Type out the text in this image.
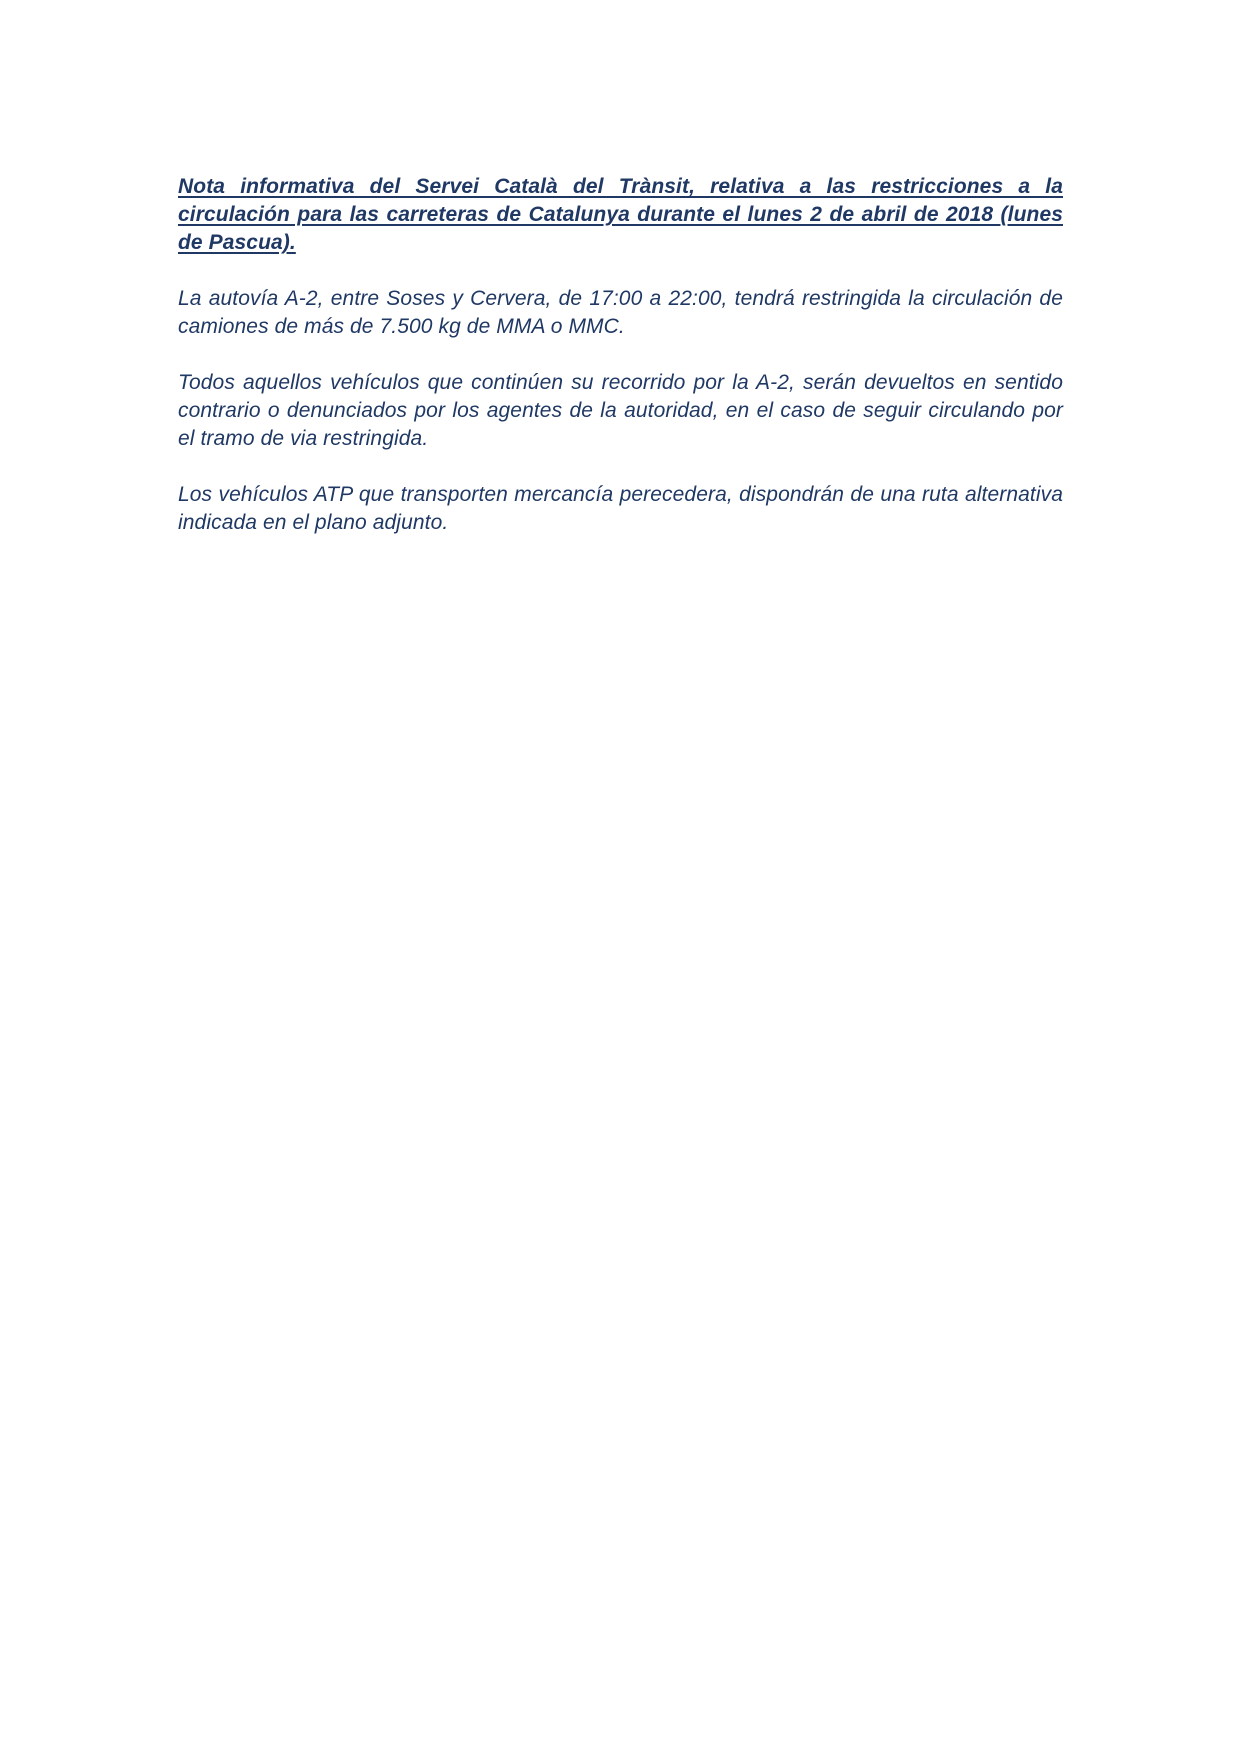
Nota informativa del Servei Català del Trànsit, relativa a las restricciones a la circulación para las carreteras de Catalunya durante el lunes 2 de abril de 2018 (lunes de Pascua).

La autovía A-2, entre Soses y Cervera, de 17:00 a 22:00, tendrá restringida la circulación de camiones de más de 7.500 kg de MMA o MMC.

Todos aquellos vehículos que continúen su recorrido por la A-2, serán devueltos en sentido contrario o denunciados por los agentes de la autoridad, en el caso de seguir circulando por el tramo de via restringida.

Los vehículos ATP que transporten mercancía perecedera, dispondrán de una ruta alternativa indicada en el plano adjunto.
